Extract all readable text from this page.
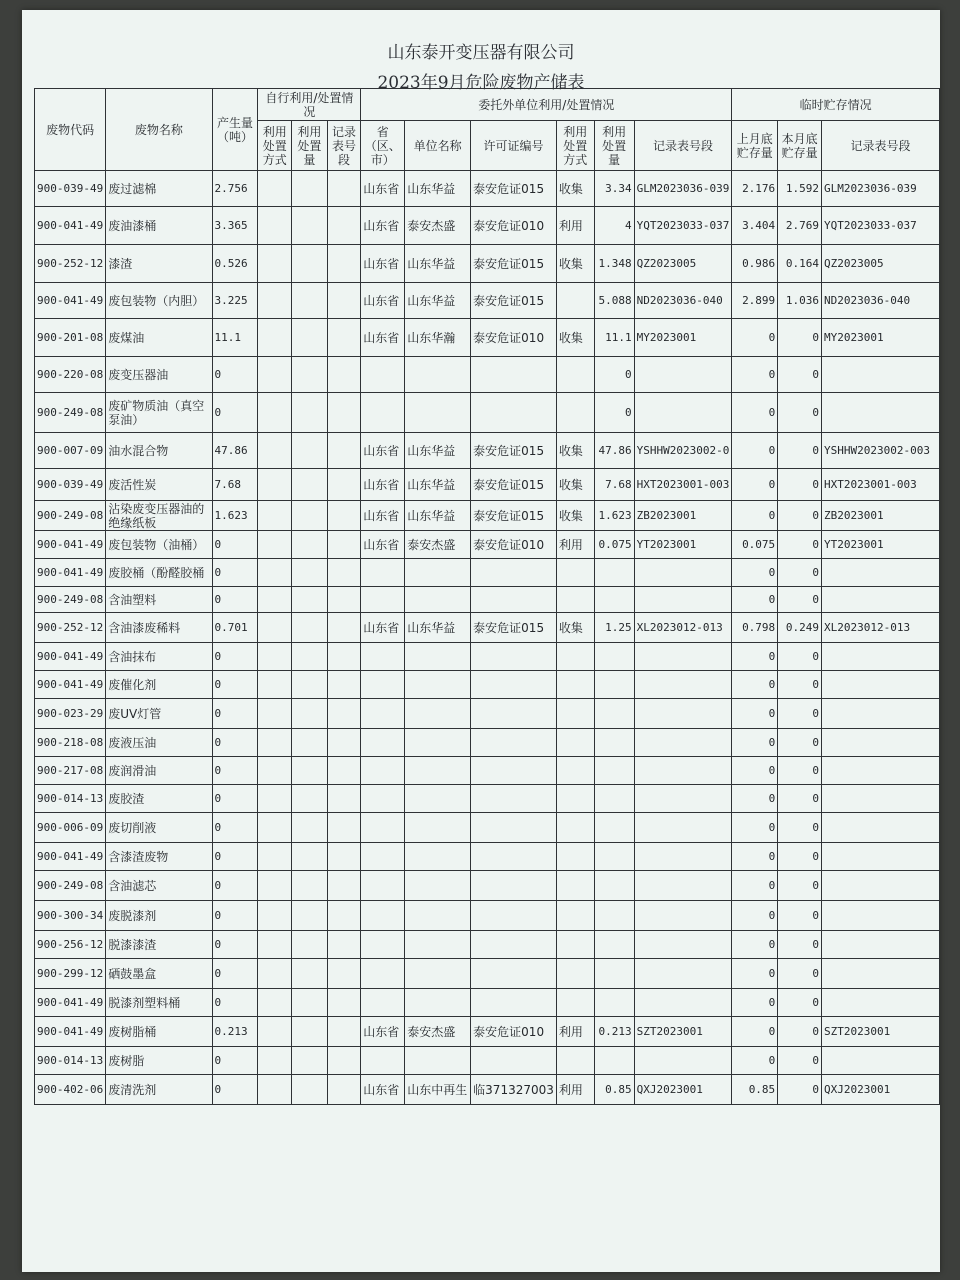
山东泰开变压器有限公司
2023年9月危险废物产储表
废物代码	废物名称	产生量（吨）	自行利用/处置情况			委托外单位利用/处置情况						临时贮存情况		
			利用处置方式	利用处置量	记录表号段	省（区、市）	单位名称	许可证编号	利用处置方式	利用处置量	记录表号段	上月底贮存量	本月底贮存量	记录表号段
900-039-49	废过滤棉	2.756				山东省	山东华益	泰安危证015	收集	3.34	GLM2023036-039	2.176	1.592	GLM2023036-039
900-041-49	废油漆桶	3.365				山东省	泰安杰盛	泰安危证010	利用	4	YQT2023033-037	3.404	2.769	YQT2023033-037
900-252-12	漆渣	0.526				山东省	山东华益	泰安危证015	收集	1.348	QZ2023005	0.986	0.164	QZ2023005
900-041-49	废包装物（内胆）	3.225				山东省	山东华益	泰安危证015		5.088	ND2023036-040	2.899	1.036	ND2023036-040
900-201-08	废煤油	11.1				山东省	山东华瀚	泰安危证010	收集	11.1	MY2023001	0	0	MY2023001
900-220-08	废变压器油	0								0		0	0	
900-249-08	废矿物质油（真空泵油）	0								0		0	0	
900-007-09	油水混合物	47.86				山东省	山东华益	泰安危证015	收集	47.86	YSHHW2023002-0	0	0	YSHHW2023002-003
900-039-49	废活性炭	7.68				山东省	山东华益	泰安危证015	收集	7.68	HXT2023001-003	0	0	HXT2023001-003
900-249-08	沾染废变压器油的绝缘纸板	1.623				山东省	山东华益	泰安危证015	收集	1.623	ZB2023001	0	0	ZB2023001
900-041-49	废包装物（油桶）	0				山东省	泰安杰盛	泰安危证010	利用	0.075	YT2023001	0.075	0	YT2023001
900-041-49	废胶桶（酚醛胶桶	0										0	0	
900-249-08	含油塑料	0										0	0	
900-252-12	含油漆废稀料	0.701				山东省	山东华益	泰安危证015	收集	1.25	XL2023012-013	0.798	0.249	XL2023012-013
900-041-49	含油抹布	0										0	0	
900-041-49	废催化剂	0										0	0	
900-023-29	废UV灯管	0										0	0	
900-218-08	废液压油	0										0	0	
900-217-08	废润滑油	0										0	0	
900-014-13	废胶渣	0										0	0	
900-006-09	废切削液	0										0	0	
900-041-49	含漆渣废物	0										0	0	
900-249-08	含油滤芯	0										0	0	
900-300-34	废脱漆剂	0										0	0	
900-256-12	脱漆漆渣	0										0	0	
900-299-12	硒鼓墨盒	0										0	0	
900-041-49	脱漆剂塑料桶	0										0	0	
900-041-49	废树脂桶	0.213				山东省	泰安杰盛	泰安危证010	利用	0.213	SZT2023001	0	0	SZT2023001
900-014-13	废树脂	0										0	0	
900-402-06	废清洗剂	0				山东省	山东中再生	临371327003	利用	0.85	QXJ2023001	0.85	0	QXJ2023001
